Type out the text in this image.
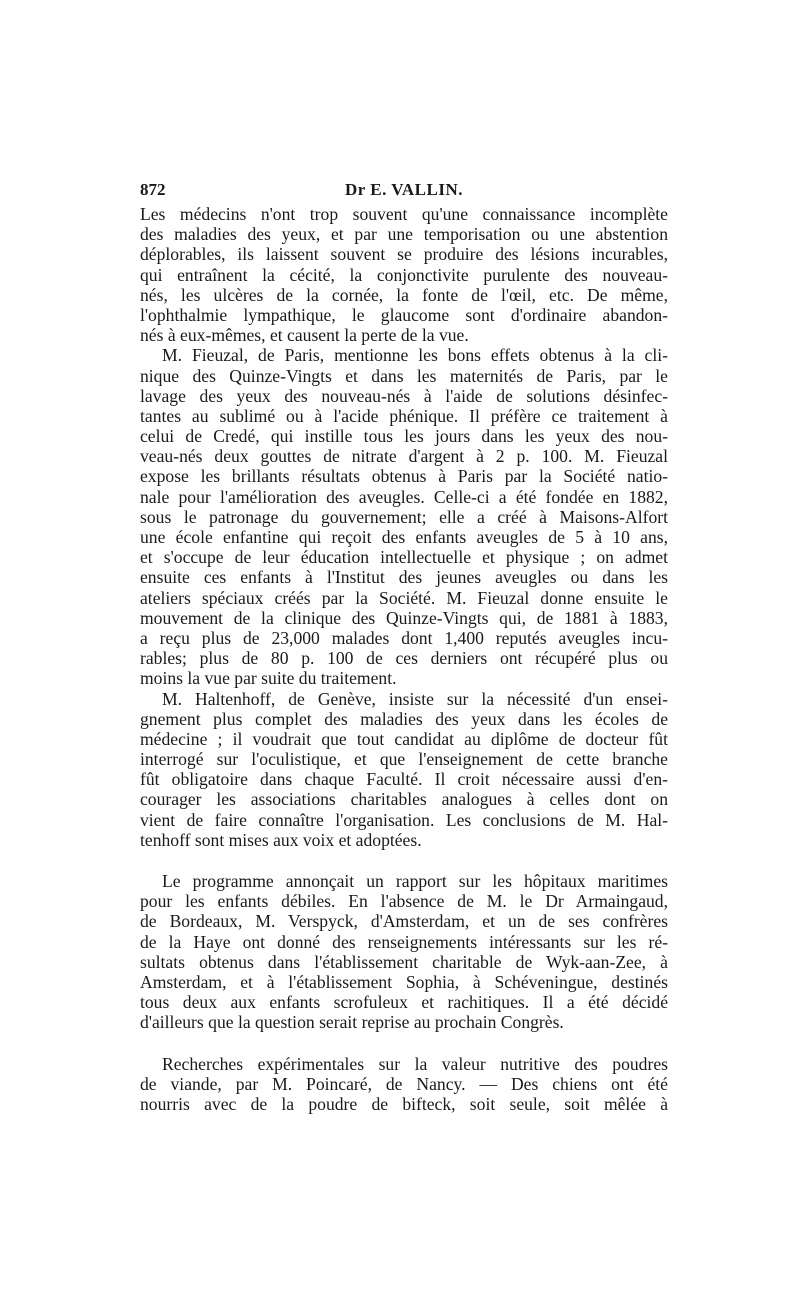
872	Dr E. VALLIN.
Les médecins n'ont trop souvent qu'une connaissance incomplète
des maladies des yeux, et par une temporisation ou une abstention
déplorables, ils laissent souvent se produire des lésions incurables,
qui entraînent la cécité, la conjonctivite purulente des nouveau-
nés, les ulcères de la cornée, la fonte de l'œil, etc. De même,
l'ophthalmie lympathique, le glaucome sont d'ordinaire abandon-
nés à eux-mêmes, et causent la perte de la vue.
M. Fieuzal, de Paris, mentionne les bons effets obtenus à la cli-
nique des Quinze-Vingts et dans les maternités de Paris, par le
lavage des yeux des nouveau-nés à l'aide de solutions désinfec-
tantes au sublimé ou à l'acide phénique. Il préfère ce traitement à
celui de Credé, qui instille tous les jours dans les yeux des nou-
veau-nés deux gouttes de nitrate d'argent à 2 p. 100. M. Fieuzal
expose les brillants résultats obtenus à Paris par la Société natio-
nale pour l'amélioration des aveugles. Celle-ci a été fondée en 1882,
sous le patronage du gouvernement; elle a créé à Maisons-Alfort
une école enfantine qui reçoit des enfants aveugles de 5 à 10 ans,
et s'occupe de leur éducation intellectuelle et physique ; on admet
ensuite ces enfants à l'Institut des jeunes aveugles ou dans les
ateliers spéciaux créés par la Société. M. Fieuzal donne ensuite le
mouvement de la clinique des Quinze-Vingts qui, de 1881 à 1883,
a reçu plus de 23,000 malades dont 1,400 reputés aveugles incu-
rables; plus de 80 p. 100 de ces derniers ont récupéré plus ou
moins la vue par suite du traitement.
M. Haltenhoff, de Genève, insiste sur la nécessité d'un ensei-
gnement plus complet des maladies des yeux dans les écoles de
médecine ; il voudrait que tout candidat au diplôme de docteur fût
interrogé sur l'oculistique, et que l'enseignement de cette branche
fût obligatoire dans chaque Faculté. Il croit nécessaire aussi d'en-
courager les associations charitables analogues à celles dont on
vient de faire connaître l'organisation. Les conclusions de M. Hal-
tenhoff sont mises aux voix et adoptées.
Le programme annonçait un rapport sur les hôpitaux maritimes
pour les enfants débiles. En l'absence de M. le Dr Armaingaud,
de Bordeaux, M. Verspyck, d'Amsterdam, et un de ses confrères
de la Haye ont donné des renseignements intéressants sur les ré-
sultats obtenus dans l'établissement charitable de Wyk-aan-Zee, à
Amsterdam, et à l'établissement Sophia, à Schéveningue, destinés
tous deux aux enfants scrofuleux et rachitiques. Il a été décidé
d'ailleurs que la question serait reprise au prochain Congrès.
Recherches expérimentales sur la valeur nutritive des poudres
de viande, par M. Poincaré, de Nancy. — Des chiens ont été
nourris avec de la poudre de bifteck, soit seule, soit mêlée à
